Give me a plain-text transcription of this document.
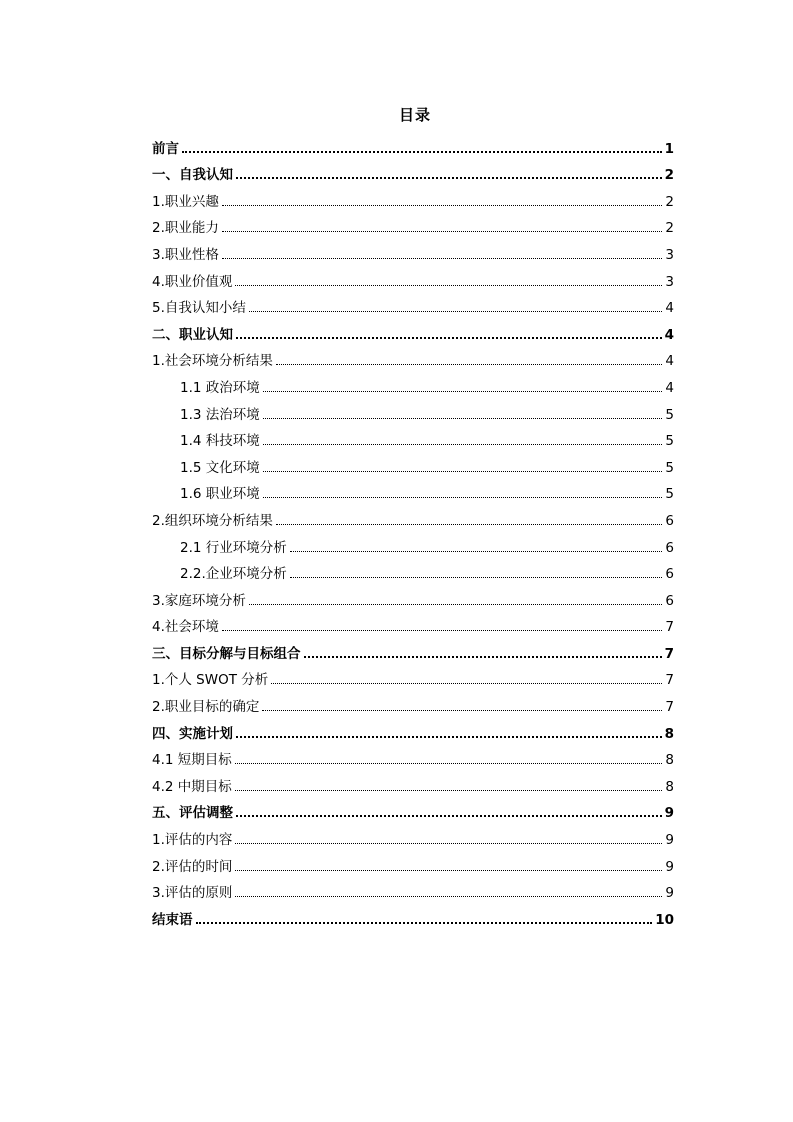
目录
前言	1
一、自我认知	2
1.职业兴趣	2
2.职业能力	2
3.职业性格	3
4.职业价值观	3
5.自我认知小结	4
二、职业认知	4
1.社会环境分析结果	4
1.1 政治环境	4
1.3 法治环境	5
1.4 科技环境	5
1.5 文化环境	5
1.6 职业环境	5
2.组织环境分析结果	6
2.1 行业环境分析	6
2.2.企业环境分析	6
3.家庭环境分析	6
4.社会环境	7
三、目标分解与目标组合	7
1.个人 SWOT 分析	7
2.职业目标的确定	7
四、实施计划	8
4.1 短期目标	8
4.2 中期目标	8
五、评估调整	9
1.评估的内容	9
2.评估的时间	9
3.评估的原则	9
结束语	10
